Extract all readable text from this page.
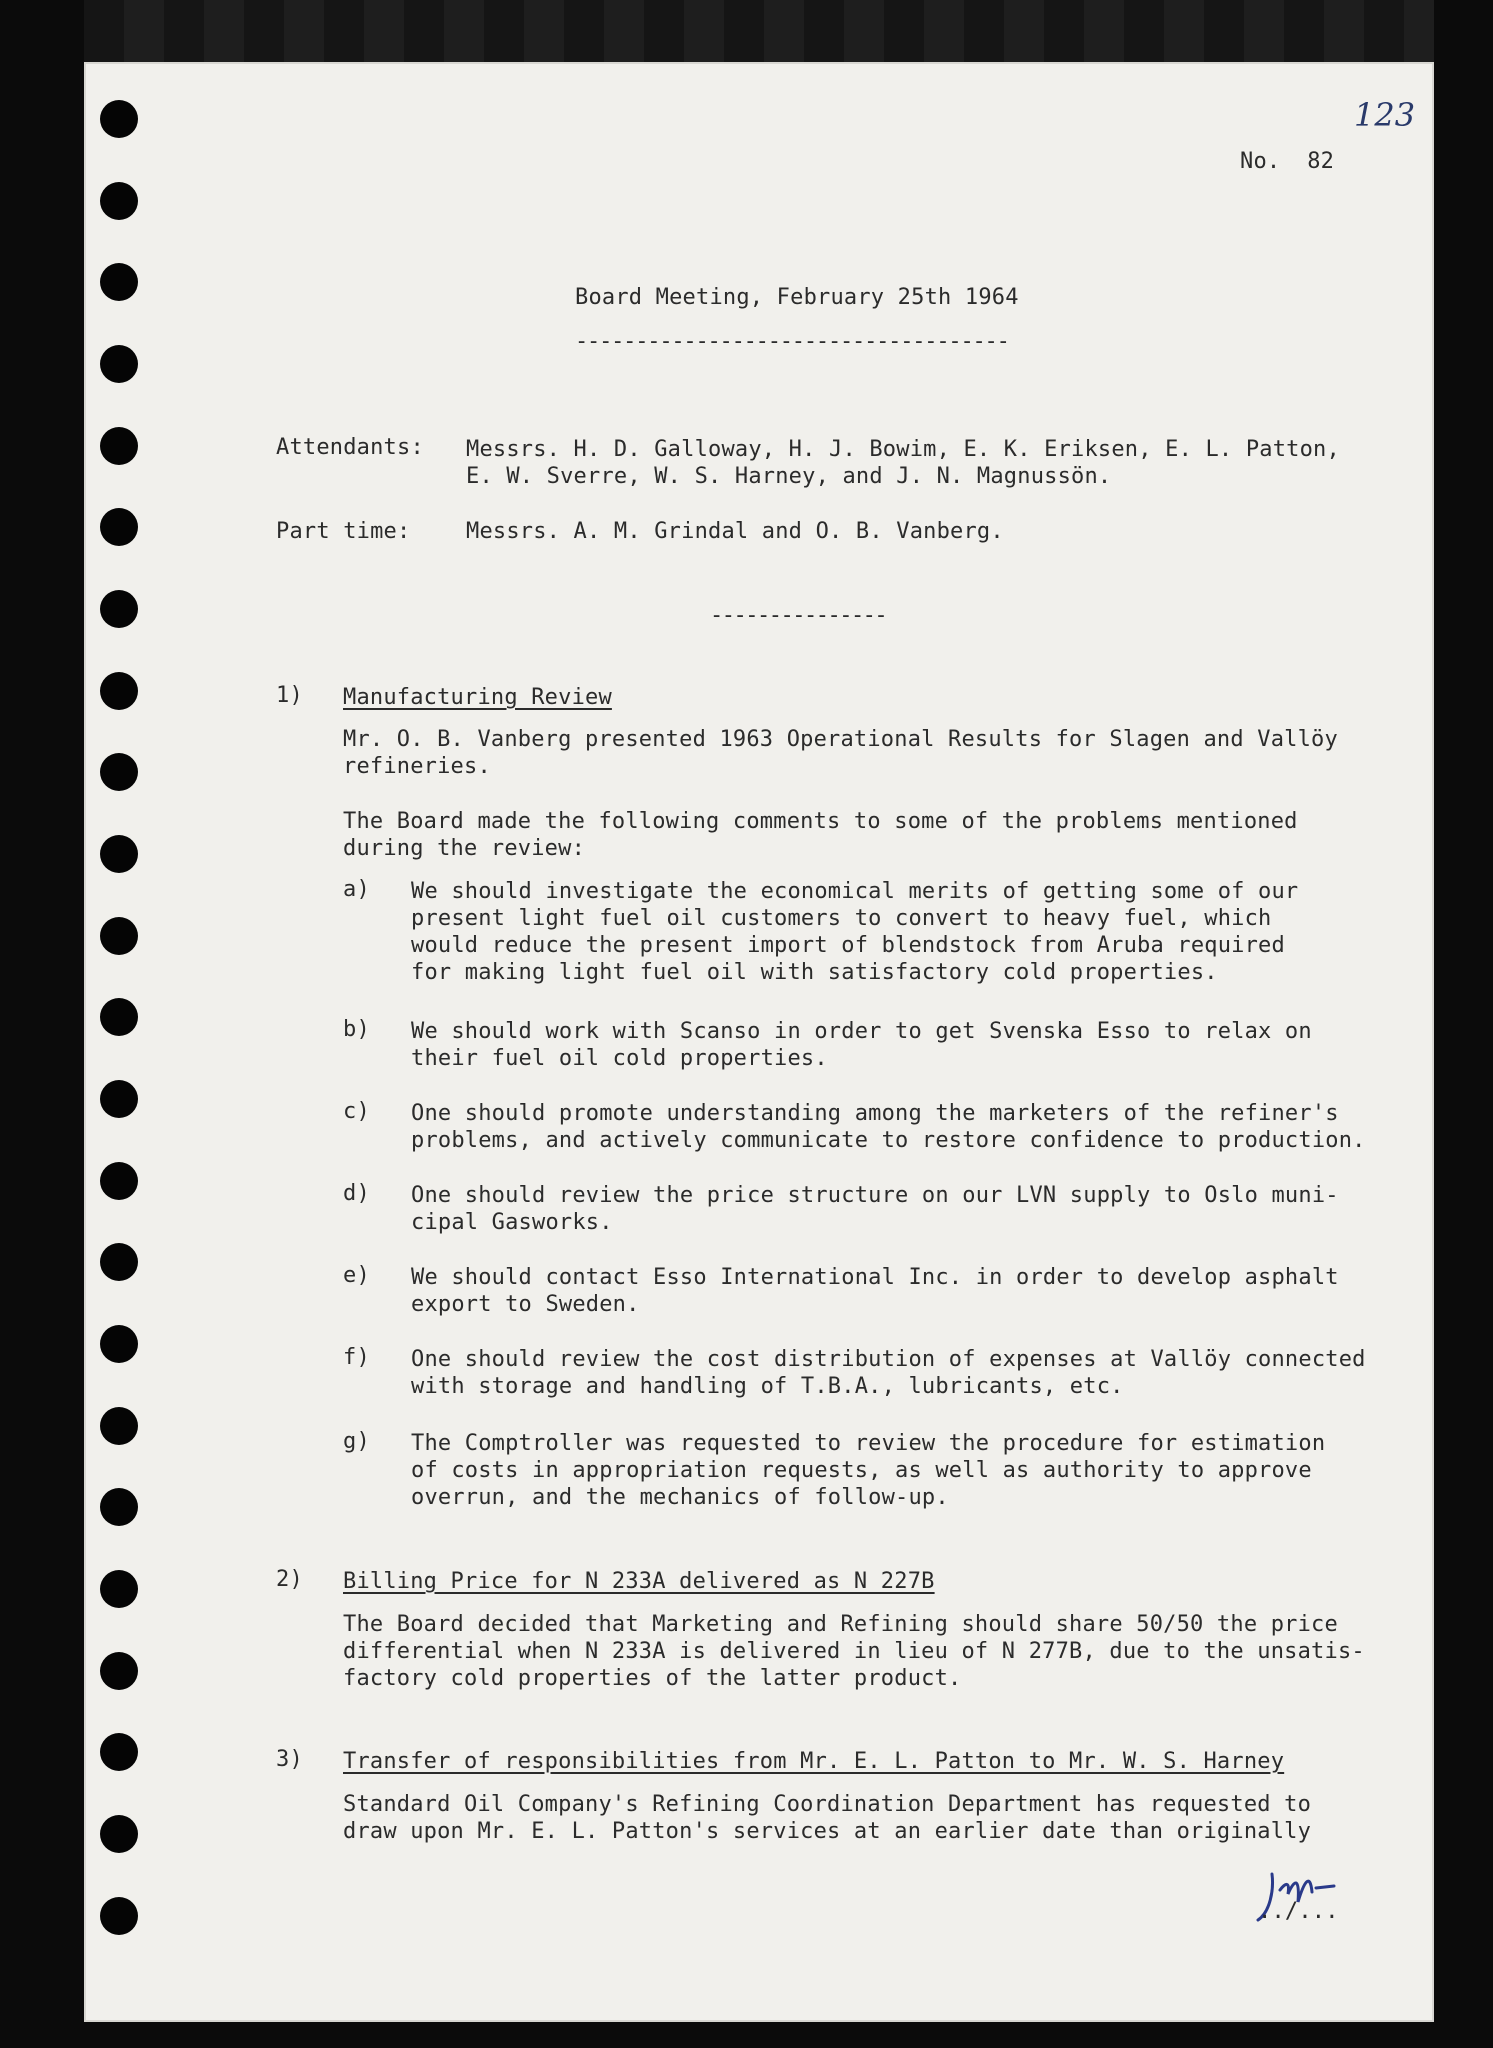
123
No.  82
Board Meeting, February 25th 1964
------------------------------------
Attendants: Messrs. H. D. Galloway, H. J. Bowim, E. K. Eriksen, E. L. Patton,
E. W. Sverre, W. S. Harney, and J. N. Magnussön.
Part time:	Messrs. A. M. Grindal and O. B. Vanberg.
---------------
1) Manufacturing Review
Mr. O. B. Vanberg presented 1963 Operational Results for Slagen and Vallöy
refineries.
The Board made the following comments to some of the problems mentioned
during the review:
a) We should investigate the economical merits of getting some of our
present light fuel oil customers to convert to heavy fuel, which
would reduce the present import of blendstock from Aruba required
for making light fuel oil with satisfactory cold properties.
b) We should work with Scanso in order to get Svenska Esso to relax on
their fuel oil cold properties.
c) One should promote understanding among the marketers of the refiner's
problems, and actively communicate to restore confidence to production.
d) One should review the price structure on our LVN supply to Oslo muni-
cipal Gasworks.
e) We should contact Esso International Inc. in order to develop asphalt
export to Sweden.
f) One should review the cost distribution of expenses at Vallöy connected
with storage and handling of T.B.A., lubricants, etc.
g) The Comptroller was requested to review the procedure for estimation
of costs in appropriation requests, as well as authority to approve
overrun, and the mechanics of follow-up.
2) Billing Price for N 233A delivered as N 227B
The Board decided that Marketing and Refining should share 50/50 the price
differential when N 233A is delivered in lieu of N 277B, due to the unsatis-
factory cold properties of the latter product.
3) Transfer of responsibilities from Mr. E. L. Patton to Mr. W. S. Harney
Standard Oil Company's Refining Coordination Department has requested to
draw upon Mr. E. L. Patton's services at an earlier date than originally
../...
